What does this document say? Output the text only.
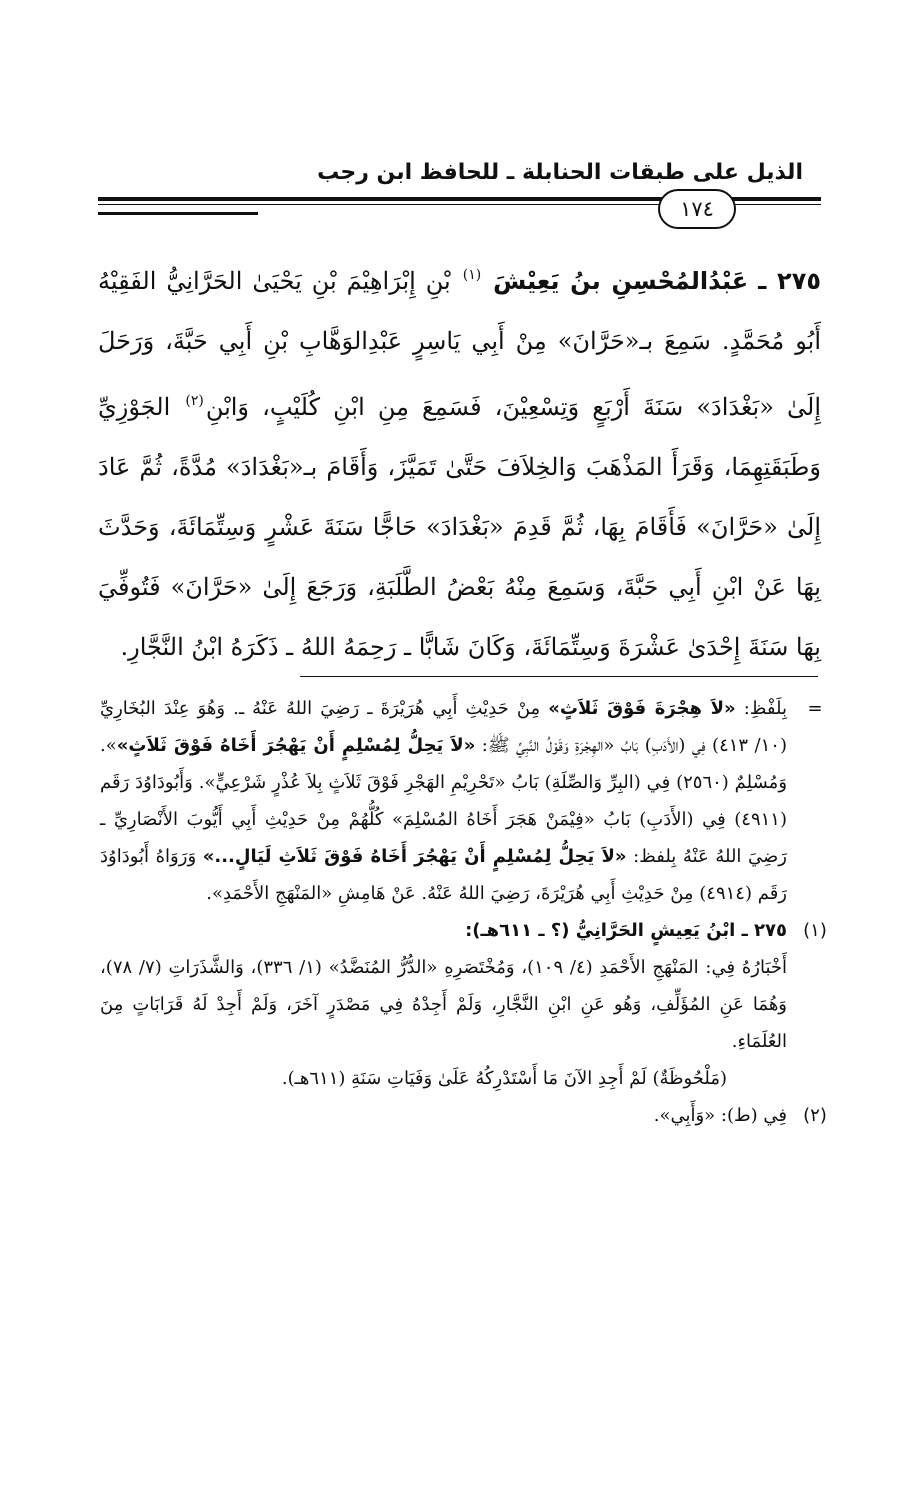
الذيل على طبقات الحنابلة ـ للحافظ ابن رجب
١٧٤
٢٧٥ ـ عَبْدُالمُحْسِنِ بنُ يَعِيْشَ $^{(١)}$ بْنِ إِبْرَاهِيْمَ بْنِ يَحْيَىٰ الحَرَّانِيُّ الفَقِيْهُ أَبُو مُحَمَّدٍ. سَمِعَ بـ«حَرَّانَ» مِنْ أَبِي يَاسِرٍ عَبْدِالوَهَّابِ بْنِ أَبِي حَبَّةَ، وَرَحَلَ إِلَىٰ «بَغْدَادَ» سَنَةَ أَرْبَعٍ وَتِسْعِيْنَ، فَسَمِعَ مِنِ ابْنِ كُلَيْبٍ، وَابْنِ$^{(٢)}$ الجَوْزِيِّ وَطَبَقَتِهِمَا، وَقَرَأَ المَذْهَبَ وَالخِلاَفَ حَتَّىٰ تَمَيَّزَ، وَأَقَامَ بـ«بَغْدَادَ» مُدَّةً، ثُمَّ عَادَ إِلَىٰ «حَرَّانَ» فَأَقَامَ بِهَا، ثُمَّ قَدِمَ «بَغْدَادَ» حَاجًّا سَنَةَ عَشْرٍ وَسِتِّمَائَةَ، وَحَدَّثَ بِهَا عَنْ ابْنِ أَبِي حَبَّةَ، وَسَمِعَ مِنْهُ بَعْضُ الطَّلَبَةِ، وَرَجَعَ إِلَىٰ «حَرَّانَ» فَتُوفِّيَ بِهَا سَنَةَ إِحْدَىٰ عَشْرَةَ وَسِتِّمَائَةَ، وَكَانَ شَابًّا ـ رَحِمَهُ اللهُ ـ ذَكَرَهُ ابْنُ النَّجَّارِ.
=
بِلَفْظِ: «لاَ هِجْرَةَ فَوْقَ ثَلاَثٍ» مِنْ حَدِيْثِ أَبِي هُرَيْرَةَ ـ رَضِيَ اللهُ عَنْهُ ـ. وَهُوَ عِنْدَ البُخَارِيِّ (١٠/ ٤١٣) فِي (الأَدَبِ) بَابُ «الهِجْرَةِ وَقَوْلُ النَّبِيِّ ﷺ: «لاَ يَحِلُّ لِمُسْلِمٍ أَنْ يَهْجُرَ أَخَاهُ فَوْقَ ثَلاَثٍ»». وَمُسْلِمٌ (٢٥٦٠) فِي (البِرِّ وَالصِّلَةِ) بَابُ «تَحْرِيْمِ الهَجْرِ فَوْقَ ثَلاَثٍ بِلاَ عُذْرٍ شَرْعِيٍّ». وَأَبُودَاوُدَ رَقَم (٤٩١١) فِي (الأَدَبِ) بَابُ «فِيْمَنْ هَجَرَ أَخَاهُ المُسْلِمَ» كُلُّهُمْ مِنْ حَدِيْثِ أَبِي أَيُّوبَ الأَنْصَارِيِّ ـ رَضِيَ اللهُ عَنْهُ بِلفظ: «لاَ يَحِلُّ لِمُسْلِمٍ أَنْ يَهْجُرَ أَخَاهُ فَوْقَ ثَلاَثِ لَيَالٍ...» وَرَوَاهُ أَبُودَاوُدَ رَقَم (٤٩١٤) مِنْ حَدِيْثِ أَبِي هُرَيْرَةَ، رَضِيَ اللهُ عَنْهُ. عَنْ هَامِشِ «المَنْهَجِ الأَحْمَدِ».
(١)
٢٧٥ ـ ابْنُ يَعِيشٍ الحَرَّانِيُّ (؟ ـ ٦١١هـ):
أَخْبَارُهُ فِي: المَنْهَجِ الأَحْمَدِ (٤/ ١٠٩)، وَمُخْتَصَرِهِ «الدُّرُّ المُنَضَّدُ» (١/ ٣٣٦)، وَالشَّذَرَاتِ (٧/ ٧٨)، وَهُمَا عَنِ المُؤَلِّفِ، وَهُو عَنِ ابْنِ النَّجَّارِ، وَلَمْ أَجِدْهُ فِي مَصْدَرٍ آخَرَ، وَلَمْ أَجِدْ لَهُ قَرَابَاتٍ مِنَ العُلَمَاءِ.
(مَلْحُوظَةٌ) لَمْ أَجِدِ الآنَ مَا أَسْتَدْرِكُهُ عَلَىٰ وَفَيَاتِ سَنَةِ (٦١١هـ).
(٢)
فِي (ط): «وَأَبِي».
